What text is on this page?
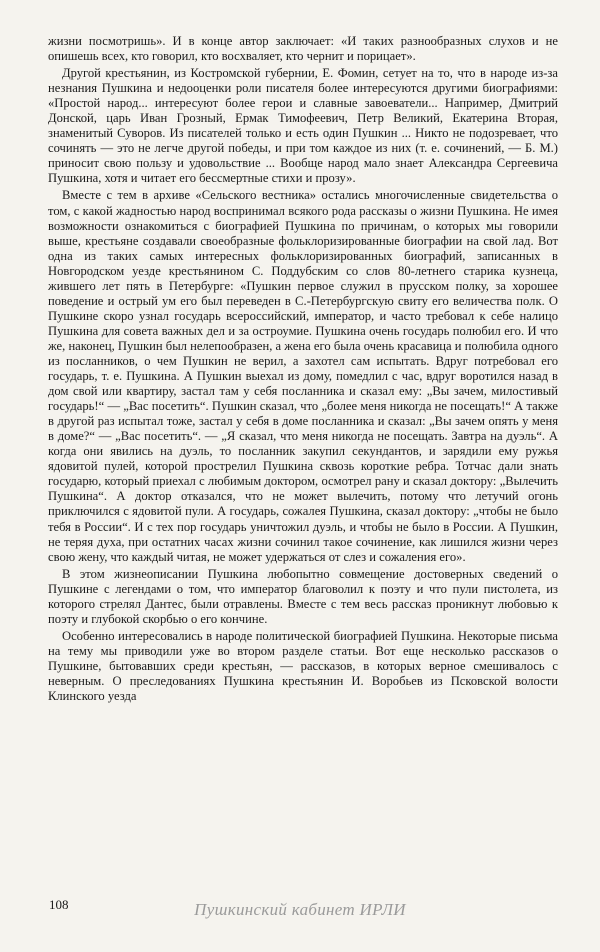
жизни посмотришь». И в конце автор заключает: «И таких разнообразных слухов и не опишешь всех, кто говорил, кто восхваляет, кто чернит и порицает».

Другой крестьянин, из Костромской губернии, Е. Фомин, сетует на то, что в народе из-за незнания Пушкина и недооценки роли писателя более интересуются другими биографиями: «Простой народ... интересуют более герои и славные завоеватели... Например, Дмитрий Донской, царь Иван Грозный, Ермак Тимофеевич, Петр Великий, Екатерина Вторая, знаменитый Суворов. Из писателей только и есть один Пушкин ... Никто не подозревает, что сочинять — это не легче другой победы, и при том каждое из них (т. е. сочинений, — Б. М.) приносит свою пользу и удовольствие ... Вообще народ мало знает Александра Сергеевича Пушкина, хотя и читает его бессмертные стихи и прозу».

Вместе с тем в архиве «Сельского вестника» остались многочисленные свидетельства о том, с какой жадностью народ воспринимал всякого рода рассказы о жизни Пушкина. Не имея возможности ознакомиться с биографией Пушкина по причинам, о которых мы говорили выше, крестьяне создавали своеобразные фольклоризированные биографии на свой лад. Вот одна из таких самых интересных фольклоризированных биографий, записанных в Новгородском уезде крестьянином С. Поддубским со слов 80-летнего старика кузнеца, жившего лет пять в Петербурге: «Пушкин первое служил в прусском полку, за хорошее поведение и острый ум его был переведен в С.-Петербургскую свиту его величества полк. О Пушкине скоро узнал государь всероссийский, император, и часто требовал к себе налицо Пушкина для совета важных дел и за остроумие. Пушкина очень государь полюбил его. И что же, наконец, Пушкин был нелепообразен, а жена его была очень красавица и полюбила одного из посланников, о чем Пушкин не верил, а захотел сам испытать. Вдруг потребовал его государь, т. е. Пушкина. А Пушкин выехал из дому, помедлил с час, вдруг воротился назад в дом свой или квартиру, застал там у себя посланника и сказал ему: „Вы зачем, милостивый государь!“ — „Вас посетить“. Пушкин сказал, что „более меня никогда не посещать!“ А также в другой раз испытал тоже, застал у себя в доме посланника и сказал: „Вы зачем опять у меня в доме?“ — „Вас посетить“. — „Я сказал, что меня никогда не посещать. Завтра на дуэль“. А когда они явились на дуэль, то посланник закупил секундантов, и зарядили ему ружья ядовитой пулей, которой прострелил Пушкина сквозь короткие ребра. Тотчас дали знать государю, который приехал с любимым доктором, осмотрел рану и сказал доктору: „Вылечить Пушкина“. А доктор отказался, что не может вылечить, потому что летучий огонь приключился с ядовитой пули. А государь, сожалея Пушкина, сказал доктору: „чтобы не было тебя в России“. И с тех пор государь уничтожил дуэль, и чтобы не было в России. А Пушкин, не теряя духа, при остатних часах жизни сочинил такое сочинение, как лишился жизни через свою жену, что каждый читая, не может удержаться от слез и сожаления его».

В этом жизнеописании Пушкина любопытно совмещение достоверных сведений о Пушкине с легендами о том, что император благоволил к поэту и что пули пистолета, из которого стрелял Дантес, были отравлены. Вместе с тем весь рассказ проникнут любовью к поэту и глубокой скорбью о его кончине.

Особенно интересовались в народе политической биографией Пушкина. Некоторые письма на тему мы приводили уже во втором разделе статьи. Вот еще несколько рассказов о Пушкине, бытовавших среди крестьян, — рассказов, в которых верное смешивалось с неверным. О преследованиях Пушкина крестьянин И. Воробьев из Псковской волости Клинского уезда

108	Пушкинский кабинет ИРЛИ
